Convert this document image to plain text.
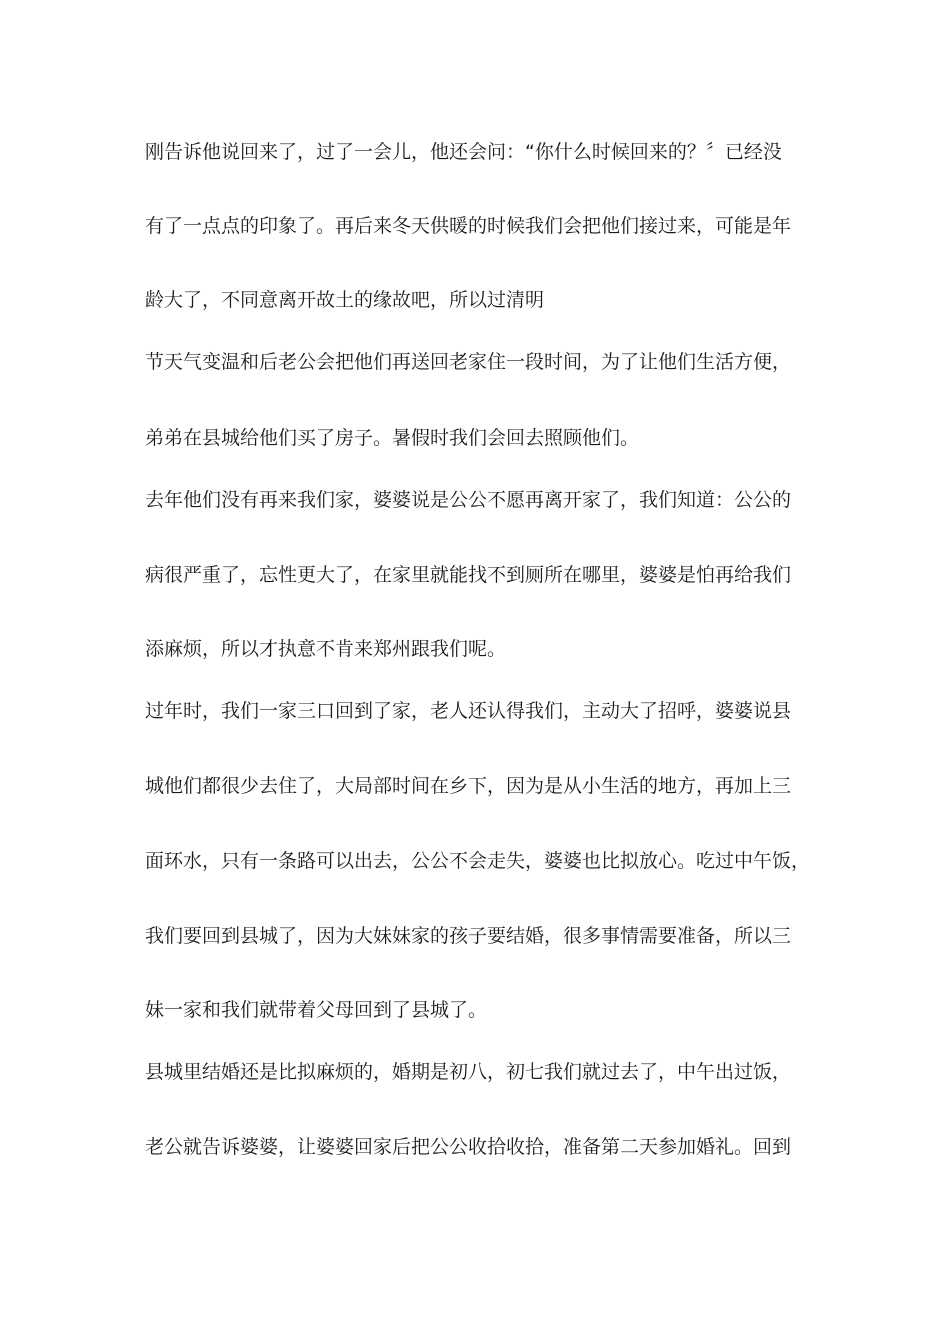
刚告诉他说回来了，过了一会儿，他还会问：“你什么时候回来的？〞已经没
有了一点点的印象了。再后来冬天供暖的时候我们会把他们接过来，可能是年
龄大了，不同意离开故土的缘故吧，所以过清明
节天气变温和后老公会把他们再送回老家住一段时间，为了让他们生活方便，
弟弟在县城给他们买了房子。暑假时我们会回去照顾他们。
去年他们没有再来我们家，婆婆说是公公不愿再离开家了，我们知道：公公的
病很严重了，忘性更大了，在家里就能找不到厕所在哪里，婆婆是怕再给我们
添麻烦，所以才执意不肯来郑州跟我们呢。
过年时，我们一家三口回到了家，老人还认得我们，主动大了招呼，婆婆说县
城他们都很少去住了，大局部时间在乡下，因为是从小生活的地方，再加上三
面环水，只有一条路可以出去，公公不会走失，婆婆也比拟放心。吃过中午饭，
我们要回到县城了，因为大妹妹家的孩子要结婚，很多事情需要准备，所以三
妹一家和我们就带着父母回到了县城了。
县城里结婚还是比拟麻烦的，婚期是初八，初七我们就过去了，中午出过饭，
老公就告诉婆婆，让婆婆回家后把公公收拾收拾，准备第二天参加婚礼。回到
